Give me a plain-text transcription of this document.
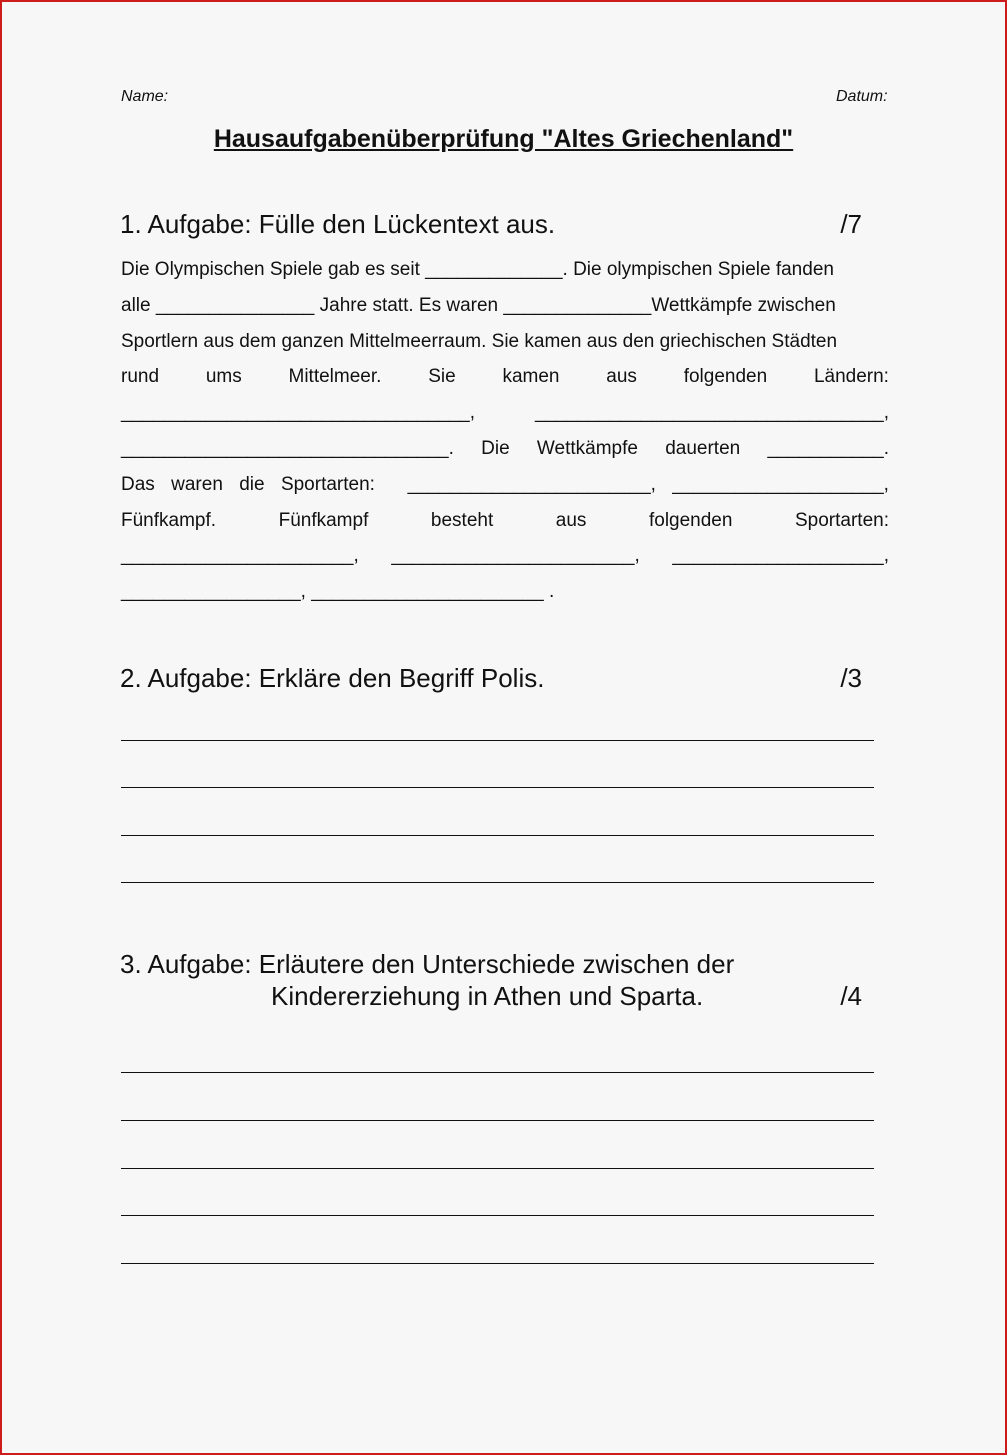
Name:	Datum:
Hausaufgabenüberprüfung "Altes Griechenland"
1. Aufgabe: Fülle den Lückentext aus.	/7

Die Olympischen Spiele gab es seit _____________. Die olympischen Spiele fanden

alle _______________ Jahre statt. Es waren ______________Wettkämpfe zwischen

Sportlern aus dem ganzen Mittelmeerraum. Sie kamen aus den griechischen Städten

rund ums Mittelmeer. Sie kamen aus folgenden Ländern:

_________________________________,	_________________________________,

_______________________________. Die Wettkämpfe dauerten ___________.

Das waren die Sportarten: _______________________, ____________________,

Fünfkampf.	Fünfkampf	besteht	aus	folgenden	Sportarten:

______________________, _______________________, ____________________,

_________________, ______________________ .

2. Aufgabe: Erkläre den Begriff Polis.	/3
3. Aufgabe: Erläutere den Unterschiede zwischen der
Kindererziehung in Athen und Sparta.	/4
